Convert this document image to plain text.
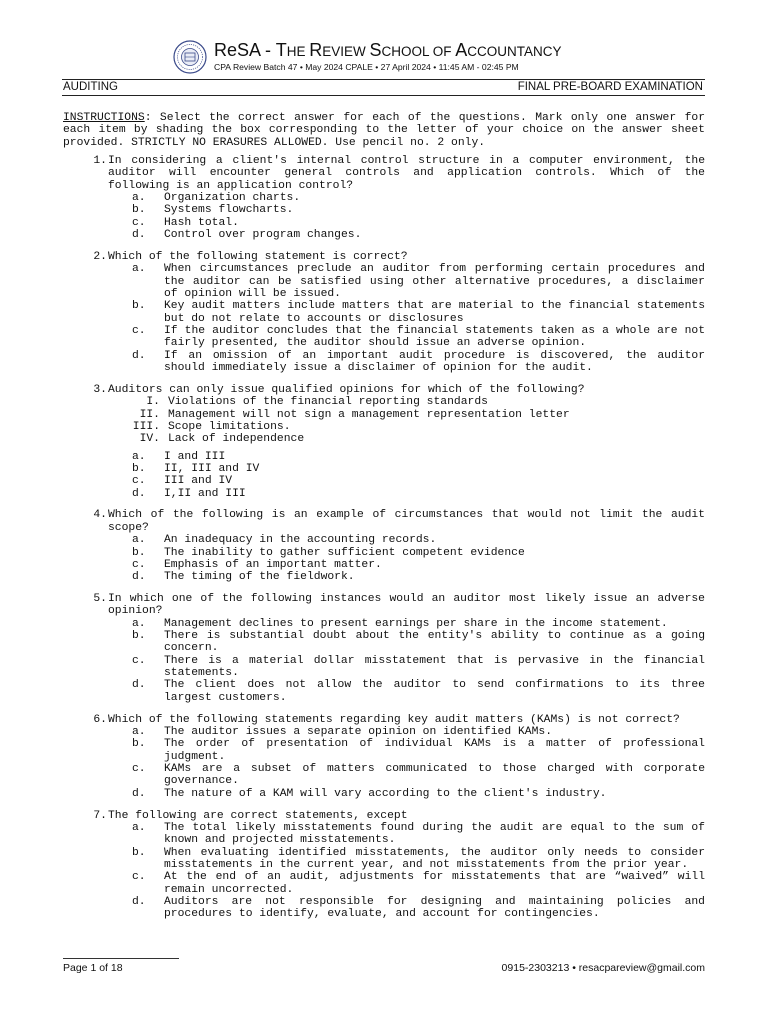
ReSA - THE REVIEW SCHOOL OF ACCOUNTANCY
CPA Review Batch 47 • May 2024 CPALE • 27 April 2024 • 11:45 AM - 02:45 PM
AUDITING	FINAL PRE-BOARD EXAMINATION

INSTRUCTIONS: Select the correct answer for each of the questions. Mark only one answer for each item by shading the box corresponding to the letter of your choice on the answer sheet provided. STRICTLY NO ERASURES ALLOWED. Use pencil no. 2 only.

1. In considering a client's internal control structure in a computer environment, the auditor will encounter general controls and application controls. Which of the following is an application control?
a.	Organization charts.
b.	Systems flowcharts.
c.	Hash total.
d.	Control over program changes.
2. Which of the following statement is correct?
a.	When circumstances preclude an auditor from performing certain procedures and the auditor can be satisfied using other alternative procedures, a disclaimer of opinion will be issued.
b.	Key audit matters include matters that are material to the financial statements but do not relate to accounts or disclosures
c.	If the auditor concludes that the financial statements taken as a whole are not fairly presented, the auditor should issue an adverse opinion.
d.	If an omission of an important audit procedure is discovered, the auditor should immediately issue a disclaimer of opinion for the audit.
3. Auditors can only issue qualified opinions for which of the following?
I. Violations of the financial reporting standards
II. Management will not sign a management representation letter
III. Scope limitations.
IV. Lack of independence
a.	I and III
b.	II, III and IV
c.	III and IV
d.	I,II and III
4. Which of the following is an example of circumstances that would not limit the audit scope?
a.	An inadequacy in the accounting records.
b.	The inability to gather sufficient competent evidence
c.	Emphasis of an important matter.
d.	The timing of the fieldwork.
5. In which one of the following instances would an auditor most likely issue an adverse opinion?
a.	Management declines to present earnings per share in the income statement.
b.	There is substantial doubt about the entity's ability to continue as a going concern.
c.	There is a material dollar misstatement that is pervasive in the financial statements.
d.	The client does not allow the auditor to send confirmations to its three largest customers.
6. Which of the following statements regarding key audit matters (KAMs) is not correct?
a.	The auditor issues a separate opinion on identified KAMs.
b.	The order of presentation of individual KAMs is a matter of professional judgment.
c.	KAMs are a subset of matters communicated to those charged with corporate governance.
d.	The nature of a KAM will vary according to the client's industry.
7. The following are correct statements, except
a.	The total likely misstatements found during the audit are equal to the sum of known and projected misstatements.
b.	When evaluating identified misstatements, the auditor only needs to consider misstatements in the current year, and not misstatements from the prior year.
c.	At the end of an audit, adjustments for misstatements that are “waived” will remain uncorrected.
d.	Auditors are not responsible for designing and maintaining policies and procedures to identify, evaluate, and account for contingencies.
Page 1 of 18	0915-2303213 • resacpareview@gmail.com
